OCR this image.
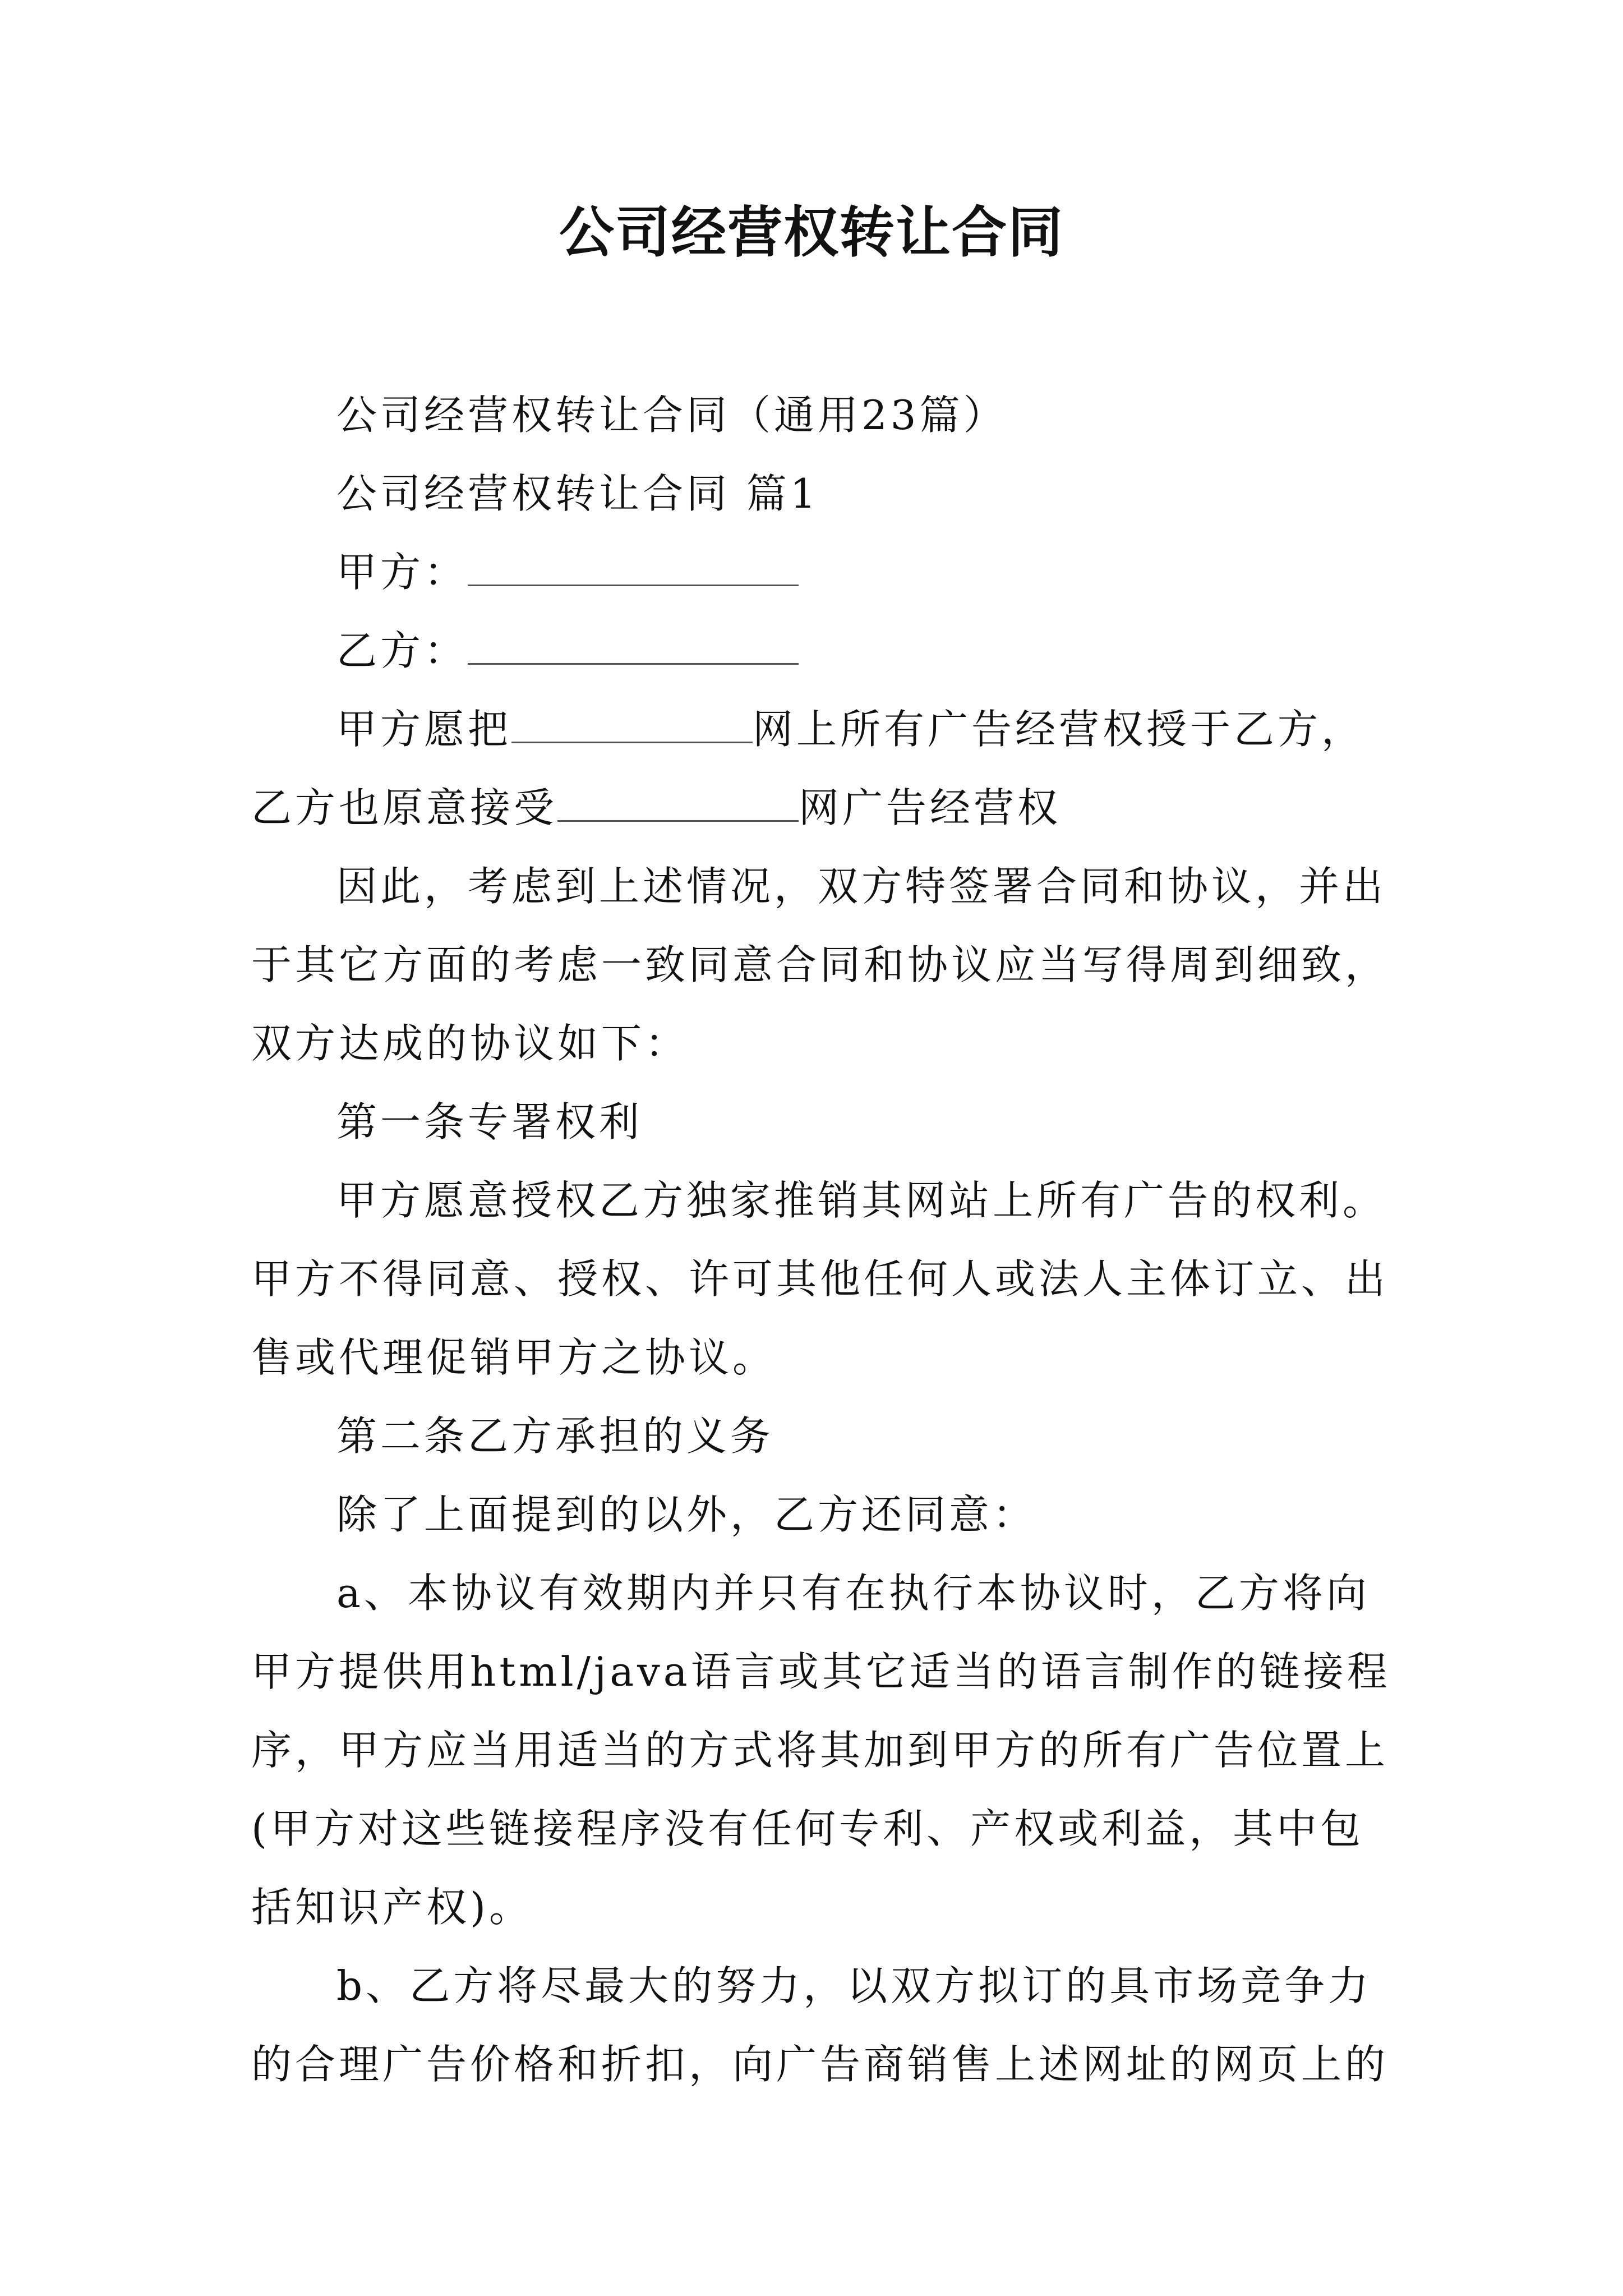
公司经营权转让合同
公司经营权转让合同（通用23篇）
公司经营权转让合同 篇1
甲方：
乙方：
甲方愿把	网上所有广告经营权授于乙方，
乙方也原意接受	网广告经营权
因此，考虑到上述情况，双方特签署合同和协议，并出
于其它方面的考虑一致同意合同和协议应当写得周到细致，
双方达成的协议如下：
第一条专署权利
甲方愿意授权乙方独家推销其网站上所有广告的权利。
甲方不得同意、授权、许可其他任何人或法人主体订立、出
售或代理促销甲方之协议。
第二条乙方承担的义务
除了上面提到的以外，乙方还同意：
a、本协议有效期内并只有在执行本协议时，乙方将向
甲方提供用html/java语言或其它适当的语言制作的链接程
序，甲方应当用适当的方式将其加到甲方的所有广告位置上
(甲方对这些链接程序没有任何专利、产权或利益，其中包
括知识产权)。
b、乙方将尽最大的努力，以双方拟订的具市场竞争力
的合理广告价格和折扣，向广告商销售上述网址的网页上的
